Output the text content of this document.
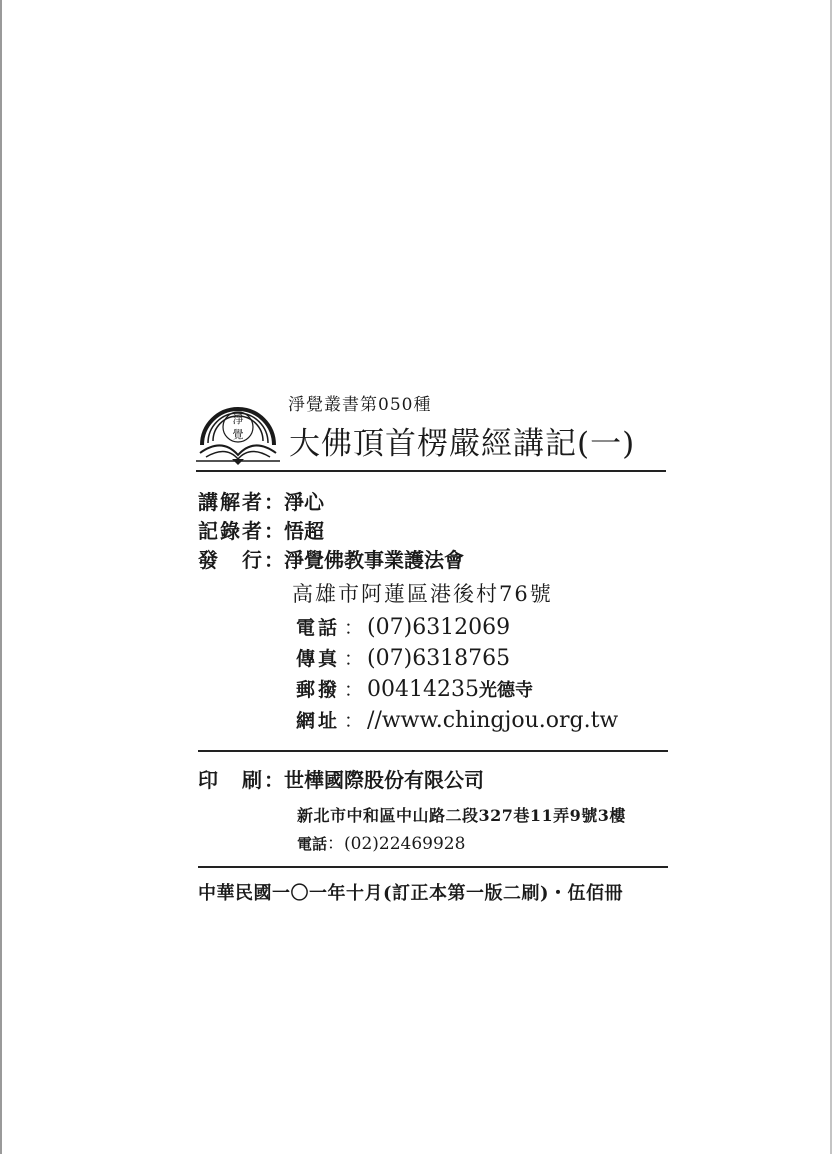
淨
覺
淨覺叢書第050種
大佛頂首楞嚴經講記(一)
講解者：淨心
記錄者：悟超
發　行：淨覺佛教事業護法會
高雄市阿蓮區港後村76號
電話 ： (07)6312069
傳真 ： (07)6318765
郵撥 ： 00414235光德寺
網址 ： //www.chingjou.org.tw
印　刷：世樺國際股份有限公司
新北市中和區中山路二段327巷11弄9號3樓
電話：(02)22469928
中華民國一〇一年十月(訂正本第一版二刷)・伍佰冊
